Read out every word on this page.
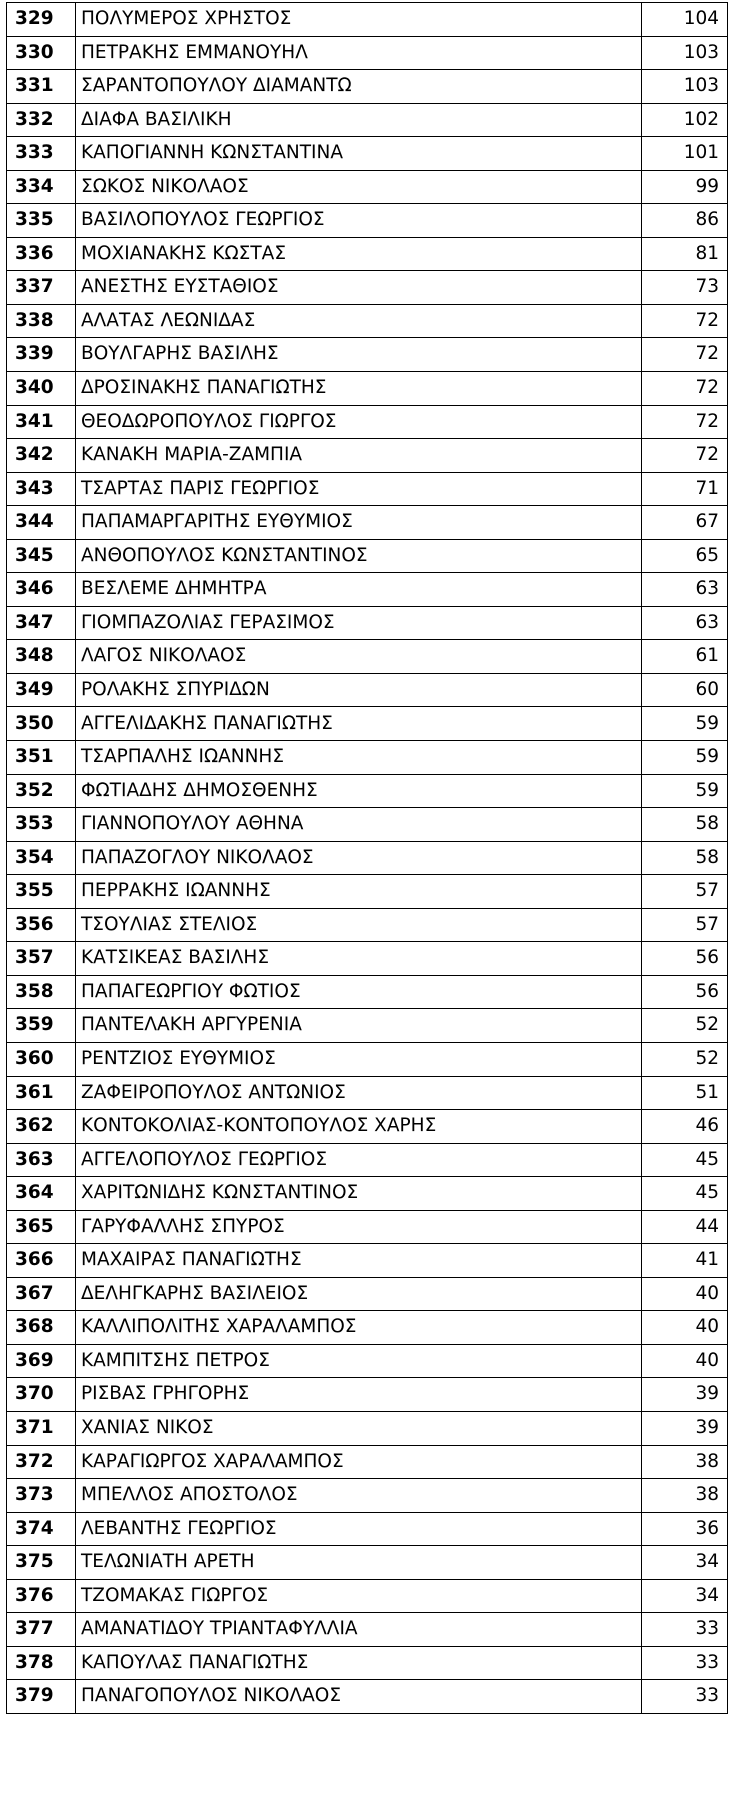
329	ΠΟΛΥΜΕΡΟΣ ΧΡΗΣΤΟΣ	104
330	ΠΕΤΡΑΚΗΣ ΕΜΜΑΝΟΥΗΛ	103
331	ΣΑΡΑΝΤΟΠΟΥΛΟΥ ΔΙΑΜΑΝΤΩ	103
332	ΔΙΑΦΑ ΒΑΣΙΛΙΚΗ	102
333	ΚΑΠΟΓΙΑΝΝΗ ΚΩΝΣΤΑΝΤΙΝΑ	101
334	ΣΩΚΟΣ ΝΙΚΟΛΑΟΣ	99
335	ΒΑΣΙΛΟΠΟΥΛΟΣ ΓΕΩΡΓΙΟΣ	86
336	ΜΟΧΙΑΝΑΚΗΣ ΚΩΣΤΑΣ	81
337	ΑΝΕΣΤΗΣ ΕΥΣΤΑΘΙΟΣ	73
338	ΑΛΑΤΑΣ ΛΕΩΝΙΔΑΣ	72
339	ΒΟΥΛΓΑΡΗΣ ΒΑΣΙΛΗΣ	72
340	ΔΡΟΣΙΝΑΚΗΣ ΠΑΝΑΓΙΩΤΗΣ	72
341	ΘΕΟΔΩΡΟΠΟΥΛΟΣ ΓΙΩΡΓΟΣ	72
342	ΚΑΝΑΚΗ ΜΑΡΙΑ-ΖΑΜΠΙΑ	72
343	ΤΣΑΡΤΑΣ ΠΑΡΙΣ ΓΕΩΡΓΙΟΣ	71
344	ΠΑΠΑΜΑΡΓΑΡΙΤΗΣ ΕΥΘΥΜΙΟΣ	67
345	ΑΝΘΟΠΟΥΛΟΣ ΚΩΝΣΤΑΝΤΙΝΟΣ	65
346	ΒΕΣΛΕΜΕ ΔΗΜΗΤΡΑ	63
347	ΓΙΟΜΠΑΖΟΛΙΑΣ ΓΕΡΑΣΙΜΟΣ	63
348	ΛΑΓΟΣ ΝΙΚΟΛΑΟΣ	61
349	ΡΟΛΑΚΗΣ ΣΠΥΡΙΔΩΝ	60
350	ΑΓΓΕΛΙΔΑΚΗΣ ΠΑΝΑΓΙΩΤΗΣ	59
351	ΤΣΑΡΠΑΛΗΣ ΙΩΑΝΝΗΣ	59
352	ΦΩΤΙΑΔΗΣ ΔΗΜΟΣΘΕΝΗΣ	59
353	ΓΙΑΝΝΟΠΟΥΛΟΥ ΑΘΗΝΑ	58
354	ΠΑΠΑΖΟΓΛΟΥ ΝΙΚΟΛΑΟΣ	58
355	ΠΕΡΡΑΚΗΣ ΙΩΑΝΝΗΣ	57
356	ΤΣΟΥΛΙΑΣ ΣΤΕΛΙΟΣ	57
357	ΚΑΤΣΙΚΕΑΣ ΒΑΣΙΛΗΣ	56
358	ΠΑΠΑΓΕΩΡΓΙΟΥ ΦΩΤΙΟΣ	56
359	ΠΑΝΤΕΛΑΚΗ ΑΡΓΥΡΕΝΙΑ	52
360	ΡΕΝΤΖΙΟΣ ΕΥΘΥΜΙΟΣ	52
361	ΖΑΦΕΙΡΟΠΟΥΛΟΣ ΑΝΤΩΝΙΟΣ	51
362	ΚΟΝΤΟΚΟΛΙΑΣ-ΚΟΝΤΟΠΟΥΛΟΣ ΧΑΡΗΣ	46
363	ΑΓΓΕΛΟΠΟΥΛΟΣ ΓΕΩΡΓΙΟΣ	45
364	ΧΑΡΙΤΩΝΙΔΗΣ ΚΩΝΣΤΑΝΤΙΝΟΣ	45
365	ΓΑΡΥΦΑΛΛΗΣ ΣΠΥΡΟΣ	44
366	ΜΑΧΑΙΡΑΣ ΠΑΝΑΓΙΩΤΗΣ	41
367	ΔΕΛΗΓΚΑΡΗΣ ΒΑΣΙΛΕΙΟΣ	40
368	ΚΑΛΛΙΠΟΛΙΤΗΣ ΧΑΡΑΛΑΜΠΟΣ	40
369	ΚΑΜΠΙΤΣΗΣ ΠΕΤΡΟΣ	40
370	ΡΙΣΒΑΣ ΓΡΗΓΟΡΗΣ	39
371	ΧΑΝΙΑΣ ΝΙΚΟΣ	39
372	ΚΑΡΑΓΙΩΡΓΟΣ ΧΑΡΑΛΑΜΠΟΣ	38
373	ΜΠΕΛΛΟΣ ΑΠΟΣΤΟΛΟΣ	38
374	ΛΕΒΑΝΤΗΣ ΓΕΩΡΓΙΟΣ	36
375	ΤΕΛΩΝΙΑΤΗ ΑΡΕΤΗ	34
376	ΤΖΟΜΑΚΑΣ ΓΙΩΡΓΟΣ	34
377	ΑΜΑΝΑΤΙΔΟΥ ΤΡΙΑΝΤΑΦΥΛΛΙΑ	33
378	ΚΑΠΟΥΛΑΣ ΠΑΝΑΓΙΩΤΗΣ	33
379	ΠΑΝΑΓΟΠΟΥΛΟΣ ΝΙΚΟΛΑΟΣ	33
